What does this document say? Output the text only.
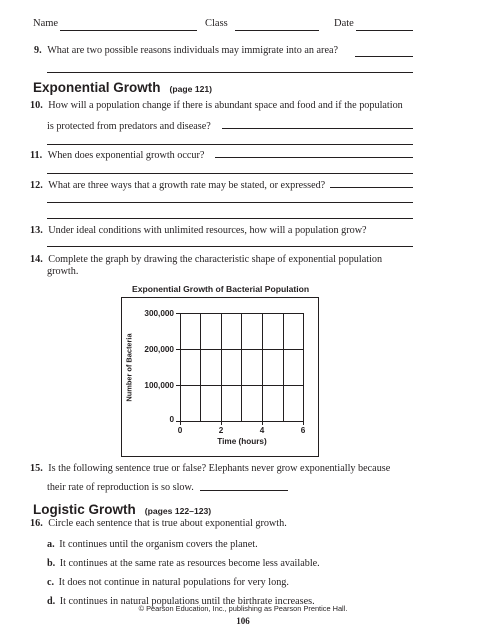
Name	Class	Date
9. What are two possible reasons individuals may immigrate into an area?
Exponential Growth (page 121)
10. How will a population change if there is abundant space and food and if the population
is protected from predators and disease?
11. When does exponential growth occur?
12. What are three ways that a growth rate may be stated, or expressed?
13. Under ideal conditions with unlimited resources, how will a population grow?
14. Complete the graph by drawing the characteristic shape of exponential population
growth.
Exponential Growth of Bacterial Population
Number of Bacteria
300,000
200,000
100,000
0
0	2	4	6
Time (hours)
15. Is the following sentence true or false? Elephants never grow exponentially because
their rate of reproduction is so slow.
Logistic Growth (pages 122–123)
16. Circle each sentence that is true about exponential growth.
a. It continues until the organism covers the planet.
b. It continues at the same rate as resources become less available.
c. It does not continue in natural populations for very long.
d. It continues in natural populations until the birthrate increases.
© Pearson Education, Inc., publishing as Pearson Prentice Hall.
106
